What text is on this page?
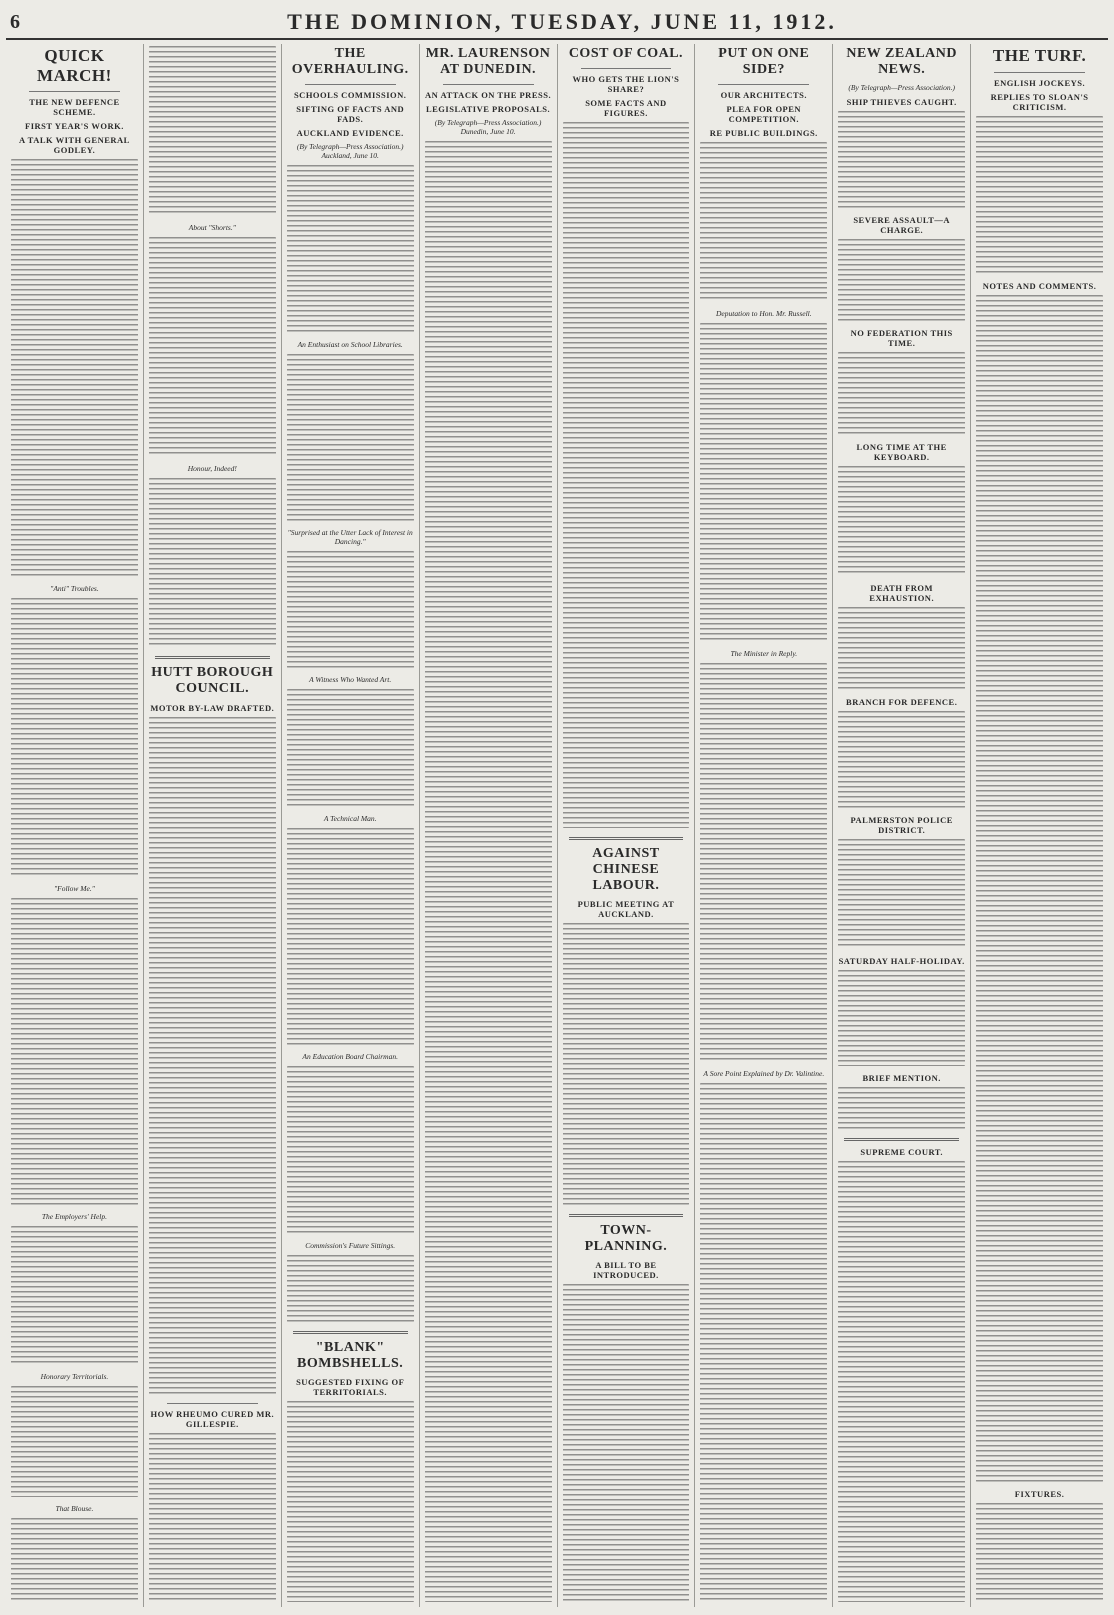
6	THE DOMINION, TUESDAY, JUNE 11, 1912.
QUICK MARCH!
THE NEW DEFENCE SCHEME.
FIRST YEAR'S WORK.
A TALK WITH GENERAL GODLEY.
"Anti" Troubles.
"Follow Me."
The Employers' Help.
Honorary Territorials.
That Blouse.
About "Shorts."
Honour, Indeed!
HUTT BOROUGH COUNCIL.
MOTOR BY-LAW DRAFTED.
HOW RHEUMO CURED MR. GILLESPIE.
THE OVERHAULING.
SCHOOLS COMMISSION.
SIFTING OF FACTS AND FADS.
AUCKLAND EVIDENCE.
(By Telegraph—Press Association.) Auckland, June 10.
An Enthusiast on School Libraries.
"Surprised at the Utter Lack of Interest in Dancing."
A Witness Who Wanted Art.
A Technical Man.
An Education Board Chairman.
Commission's Future Sittings.
"BLANK" BOMBSHELLS.
SUGGESTED FIXING OF TERRITORIALS.
MR. LAURENSON AT DUNEDIN.
AN ATTACK ON THE PRESS.
LEGISLATIVE PROPOSALS.
(By Telegraph—Press Association.) Dunedin, June 10.
COST OF COAL.
WHO GETS THE LION'S SHARE?
SOME FACTS AND FIGURES.
AGAINST CHINESE LABOUR.
PUBLIC MEETING AT AUCKLAND.
TOWN-PLANNING.
A BILL TO BE INTRODUCED.
PUT ON ONE SIDE?
OUR ARCHITECTS.
PLEA FOR OPEN COMPETITION.
RE PUBLIC BUILDINGS.
Deputation to Hon. Mr. Russell.
The Minister in Reply.
A Sore Point Explained by Dr. Valintine.
NEW ZEALAND NEWS.
(By Telegraph—Press Association.)
SHIP THIEVES CAUGHT.
SEVERE ASSAULT—A CHARGE.
NO FEDERATION THIS TIME.
LONG TIME AT THE KEYBOARD.
DEATH FROM EXHAUSTION.
BRANCH FOR DEFENCE.
PALMERSTON POLICE DISTRICT.
SATURDAY HALF-HOLIDAY.
BRIEF MENTION.
SUPREME COURT.
THE TURF.
ENGLISH JOCKEYS.
REPLIES TO SLOAN'S CRITICISM.
NOTES AND COMMENTS.
FIXTURES.
